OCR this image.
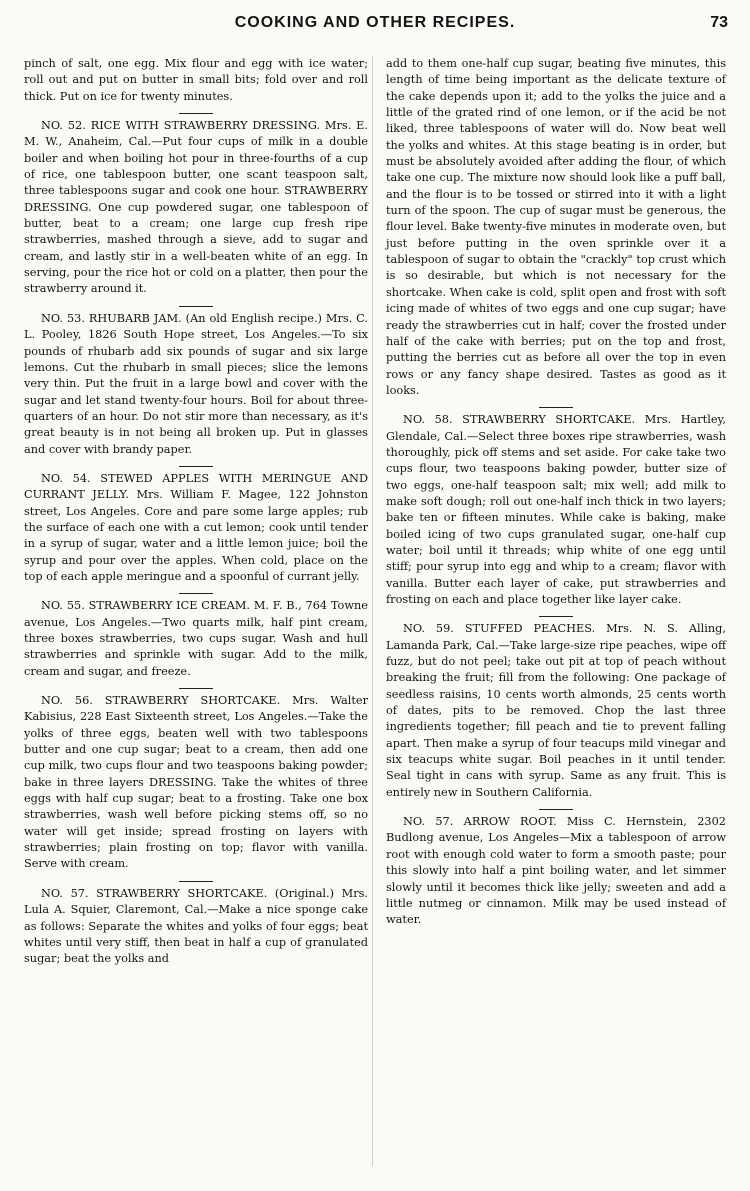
COOKING AND OTHER RECIPES.	73

pinch of salt, one egg. Mix flour and egg with ice water; roll out and put on butter in small bits; fold over and roll thick. Put on ice for twenty minutes.

NO. 52. RICE WITH STRAWBERRY DRESSING. Mrs. E. M. W., Anaheim, Cal.—Put four cups of milk in a double boiler and when boiling hot pour in three-fourths of a cup of rice, one tablespoon butter, one scant teaspoon salt, three tablespoons sugar and cook one hour. STRAWBERRY DRESSING. One cup powdered sugar, one tablespoon of butter, beat to a cream; one large cup fresh ripe strawberries, mashed through a sieve, add to sugar and cream, and lastly stir in a well-beaten white of an egg. In serving, pour the rice hot or cold on a platter, then pour the strawberry around it.

NO. 53. RHUBARB JAM. (An old English recipe.) Mrs. C. L. Pooley, 1826 South Hope street, Los Angeles.—To six pounds of rhubarb add six pounds of sugar and six large lemons. Cut the rhubarb in small pieces; slice the lemons very thin. Put the fruit in a large bowl and cover with the sugar and let stand twenty-four hours. Boil for about three-quarters of an hour. Do not stir more than necessary, as it's great beauty is in not being all broken up. Put in glasses and cover with brandy paper.

NO. 54. STEWED APPLES WITH MERINGUE AND CURRANT JELLY. Mrs. William F. Magee, 122 Johnston street, Los Angeles. Core and pare some large apples; rub the surface of each one with a cut lemon; cook until tender in a syrup of sugar, water and a little lemon juice; boil the syrup and pour over the apples. When cold, place on the top of each apple meringue and a spoonful of currant jelly.

NO. 55. STRAWBERRY ICE CREAM. M. F. B., 764 Towne avenue, Los Angeles.—Two quarts milk, half pint cream, three boxes strawberries, two cups sugar. Wash and hull strawberries and sprinkle with sugar. Add to the milk, cream and sugar, and freeze.

NO. 56. STRAWBERRY SHORTCAKE. Mrs. Walter Kabisius, 228 East Sixteenth street, Los Angeles.—Take the yolks of three eggs, beaten well with two tablespoons butter and one cup sugar; beat to a cream, then add one cup milk, two cups flour and two teaspoons baking powder; bake in three layers DRESSING. Take the whites of three eggs with half cup sugar; beat to a frosting. Take one box strawberries, wash well before picking stems off, so no water will get inside; spread frosting on layers with strawberries; plain frosting on top; flavor with vanilla. Serve with cream.

NO. 57. STRAWBERRY SHORTCAKE. (Original.) Mrs. Lula A. Squier, Claremont, Cal.—Make a nice sponge cake as follows: Separate the whites and yolks of four eggs; beat whites until very stiff, then beat in half a cup of granulated sugar; beat the yolks and

add to them one-half cup sugar, beating five minutes, this length of time being important as the delicate texture of the cake depends upon it; add to the yolks the juice and a little of the grated rind of one lemon, or if the acid be not liked, three tablespoons of water will do. Now beat well the yolks and whites. At this stage beating is in order, but must be absolutely avoided after adding the flour, of which take one cup. The mixture now should look like a puff ball, and the flour is to be tossed or stirred into it with a light turn of the spoon. The cup of sugar must be generous, the flour level. Bake twenty-five minutes in moderate oven, but just before putting in the oven sprinkle over it a tablespoon of sugar to obtain the "crackly" top crust which is so desirable, but which is not necessary for the shortcake. When cake is cold, split open and frost with soft icing made of whites of two eggs and one cup sugar; have ready the strawberries cut in half; cover the frosted under half of the cake with berries; put on the top and frost, putting the berries cut as before all over the top in even rows or any fancy shape desired. Tastes as good as it looks.

NO. 58. STRAWBERRY SHORTCAKE. Mrs. Hartley, Glendale, Cal.—Select three boxes ripe strawberries, wash thoroughly, pick off stems and set aside. For cake take two cups flour, two teaspoons baking powder, butter size of two eggs, one-half teaspoon salt; mix well; add milk to make soft dough; roll out one-half inch thick in two layers; bake ten or fifteen minutes. While cake is baking, make boiled icing of two cups granulated sugar, one-half cup water; boil until it threads; whip white of one egg until stiff; pour syrup into egg and whip to a cream; flavor with vanilla. Butter each layer of cake, put strawberries and frosting on each and place together like layer cake.

NO. 59. STUFFED PEACHES. Mrs. N. S. Alling, Lamanda Park, Cal.—Take large-size ripe peaches, wipe off fuzz, but do not peel; take out pit at top of peach without breaking the fruit; fill from the following: One package of seedless raisins, 10 cents worth almonds, 25 cents worth of dates, pits to be removed. Chop the last three ingredients together; fill peach and tie to prevent falling apart. Then make a syrup of four teacups mild vinegar and six teacups white sugar. Boil peaches in it until tender. Seal tight in cans with syrup. Same as any fruit. This is entirely new in Southern California.

NO. 57. ARROW ROOT. Miss C. Hernstein, 2302 Budlong avenue, Los Angeles—Mix a tablespoon of arrow root with enough cold water to form a smooth paste; pour this slowly into half a pint boiling water, and let simmer slowly until it becomes thick like jelly; sweeten and add a little nutmeg or cinnamon. Milk may be used instead of water.
